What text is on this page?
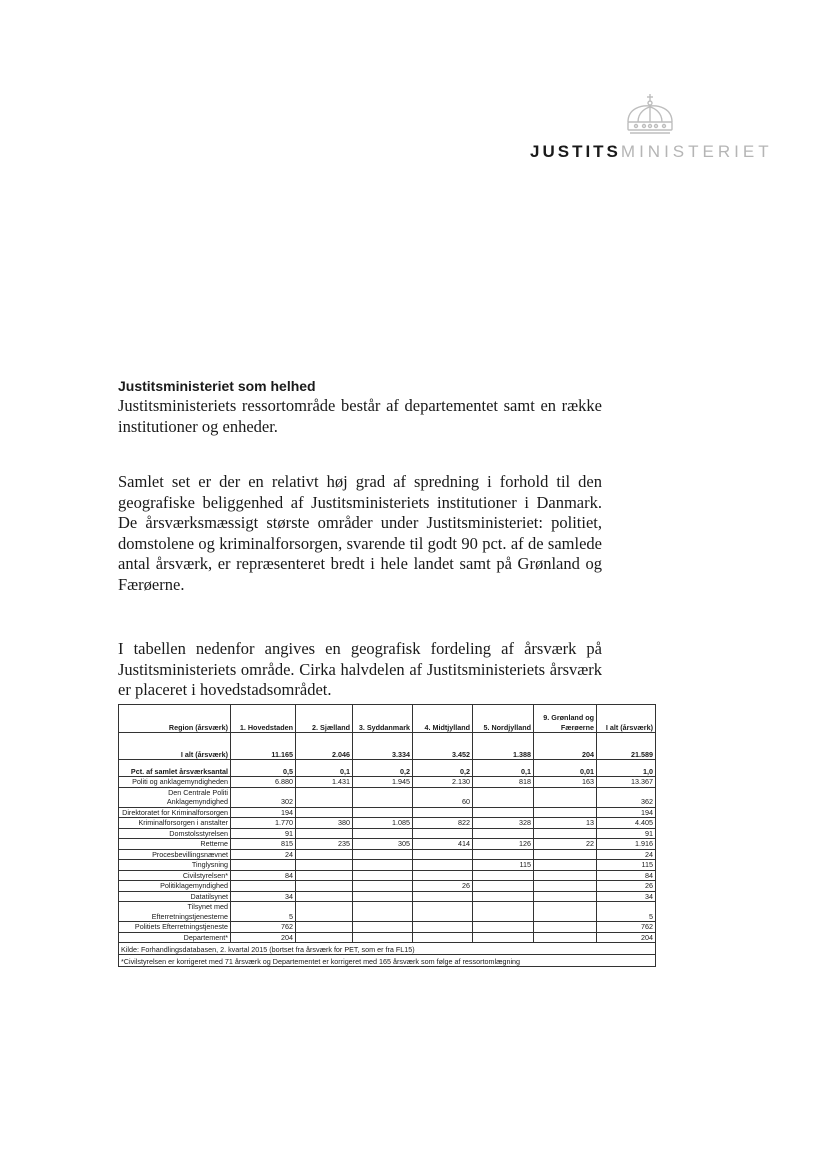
JUSTITSMINISTERIET
Justitsministeriet som helhed

Justitsministeriets ressortområde består af departementet samt en række institutioner og enheder.

Samlet set er der en relativt høj grad af spredning i forhold til den geografiske beliggenhed af Justitsministeriets institutioner i Danmark. De årsværksmæssigt største områder under Justitsministeriet: politiet, domstolene og kriminalforsorgen, svarende til godt 90 pct. af de samlede antal årsværk, er repræsenteret bredt i hele landet samt på Grønland og Færøerne.

I tabellen nedenfor angives en geografisk fordeling af årsværk på Justitsministeriets område. Cirka halvdelen af Justitsministeriets årsværk er placeret i hovedstadsområdet.

Region (årsværk)	1. Hovedstaden	2. Sjælland	3. Syddanmark	4. Midtjylland	5. Nordjylland	9. Grønland og Færøerne	I alt (årsværk)
I alt (årsværk)	11.165	2.046	3.334	3.452	1.388	204	21.589
Pct. af samlet årsværksantal	0,5	0,1	0,2	0,2	0,1	0,01	1,0
Politi og anklagemyndigheden	6.880	1.431	1.945	2.130	818	163	13.367
Den Centrale Politi Anklagemyndighed	302			60			362
Direktoratet for Kriminalforsorgen	194						194
Kriminalforsorgen i anstalter	1.770	380	1.085	822	328	13	4.405
Domstolsstyrelsen	91						91
Retterne	815	235	305	414	126	22	1.916
Procesbevillingsnævnet	24						24
Tinglysning					115		115
Civilstyrelsen*	84						84
Politiklagemyndighed				26			26
Datatilsynet	34						34
Tilsynet med Efterretningstjenesterne	5						5
Politiets Efterretningstjeneste	762						762
Departement*	204						204
Kilde: Forhandlingsdatabasen, 2. kvartal 2015 (bortset fra årsværk for PET, som er fra FL15)							
*Civilstyrelsen er korrigeret med 71 årsværk og Departementet er korrigeret med 165 årsværk som følge af ressortomlægning							
